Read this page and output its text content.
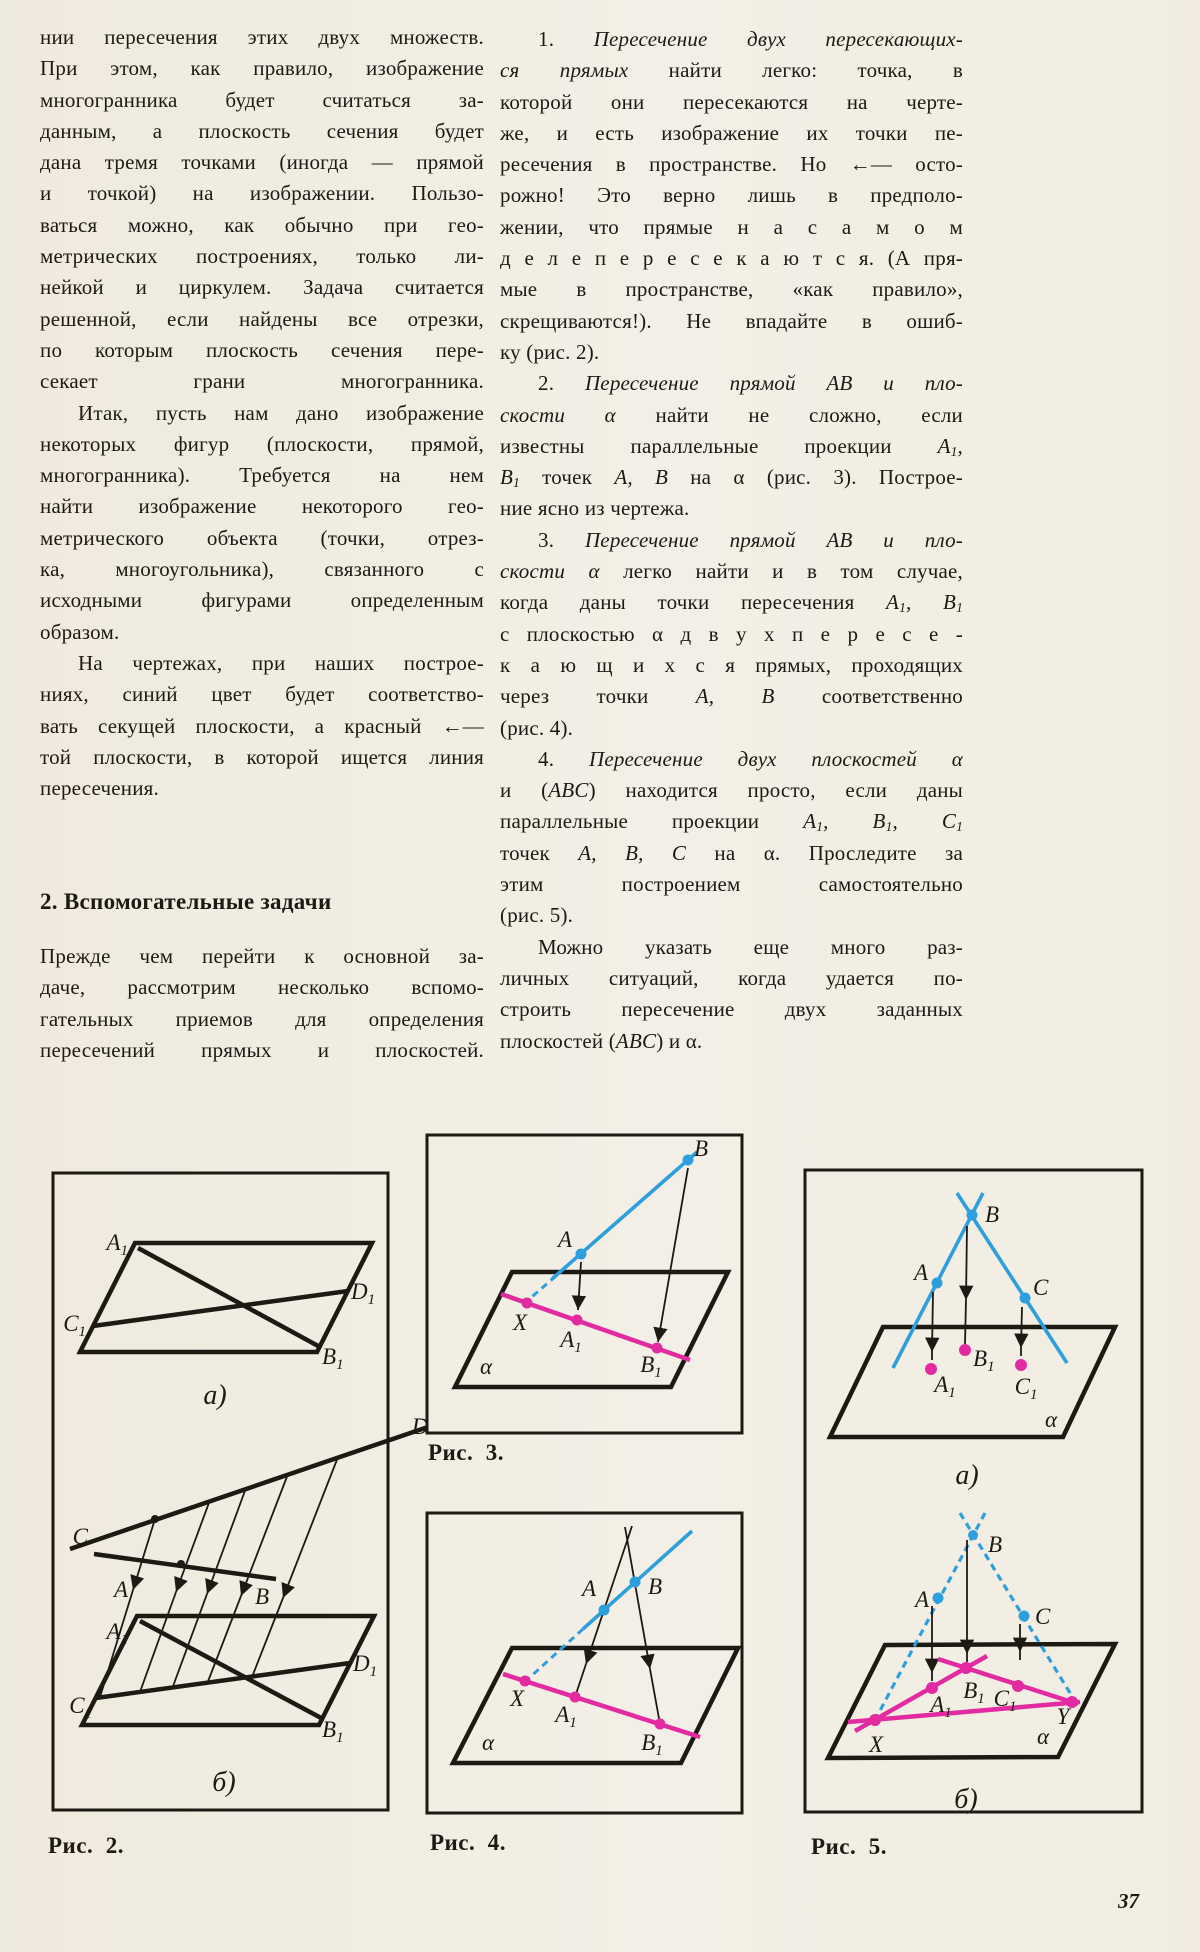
нии пересечения этих двух множеств.
При этом, как правило, изображение
многогранника будет считаться за-
данным, а плоскость сечения будет
дана тремя точками (иногда — прямой
и точкой) на изображении. Пользо-
ваться можно, как обычно при гео-
метрических построениях, только ли-
нейкой и циркулем. Задача считается
решенной, если найдены все отрезки,
по которым плоскость сечения пере-
секает грани многогранника.
Итак, пусть нам дано изображение
некоторых фигур (плоскости, прямой,
многогранника). Требуется на нем
найти изображение некоторого гео-
метрического объекта (точки, отрез-
ка, многоугольника), связанного с
исходными фигурами определенным
образом.
На чертежах, при наших построе-
ниях, синий цвет будет соответство-
вать секущей плоскости, а красный ←—
той плоскости, в которой ищется линия
пересечения.
2. Вспомогательные задачи
Прежде чем перейти к основной за-
даче, рассмотрим несколько вспомо-
гательных приемов для определения
пересечений прямых и плоскостей.
1. Пересечение двух пересекающих-
ся прямых найти легко: точка, в
которой они пересекаются на черте-
же, и есть изображение их точки пе-
ресечения в пространстве. Но ←— осто-
рожно! Это верно лишь в предполо-
жении, что прямые н а с а м о м
д е л е п е р е с е к а ю т с я. (А пря-
мые в пространстве, «как правило»,
скрещиваются!). Не впадайте в ошиб-
ку (рис. 2).
2. Пересечение прямой AB и пло-
скости α найти не сложно, если
известны параллельные проекции A1,
B1 точек A, B на α (рис. 3). Построе-
ние ясно из чертежа.
3. Пересечение прямой AB и пло-
скости α легко найти и в том случае,
когда даны точки пересечения A1, B1
с плоскостью α д в у х п е р е с е -
к а ю щ и х с я прямых, проходящих
через точки A, B соответственно
(рис. 4).
4. Пересечение двух плоскостей α
и (ABC) находится просто, если даны
параллельные проекции A1, B1, C1
точек A, B, C на α. Проследите за
этим построением самостоятельно
(рис. 5).
Можно указать еще много раз-
личных ситуаций, когда удается по-
строить пересечение двух заданных
плоскостей (ABC) и α.
$A_1$
$C_1$
$D_1$
$B_1$
а)
C
D
A	B
$A_1$
$C_1$
$B_1$
$D_1$
б)
Рис.  2.
A
B
X
$A_1$
$B_1$
α
Рис.  3.
A B
X
$A_1$
$B_1$
α
Рис.  4.
B
A
C
$B_1$
$A_1$	$C_1$
α
а)
B
A
C
$A_1$
$B_1$ $C_1$
X
Y
α
б)
Рис.  5.
37
